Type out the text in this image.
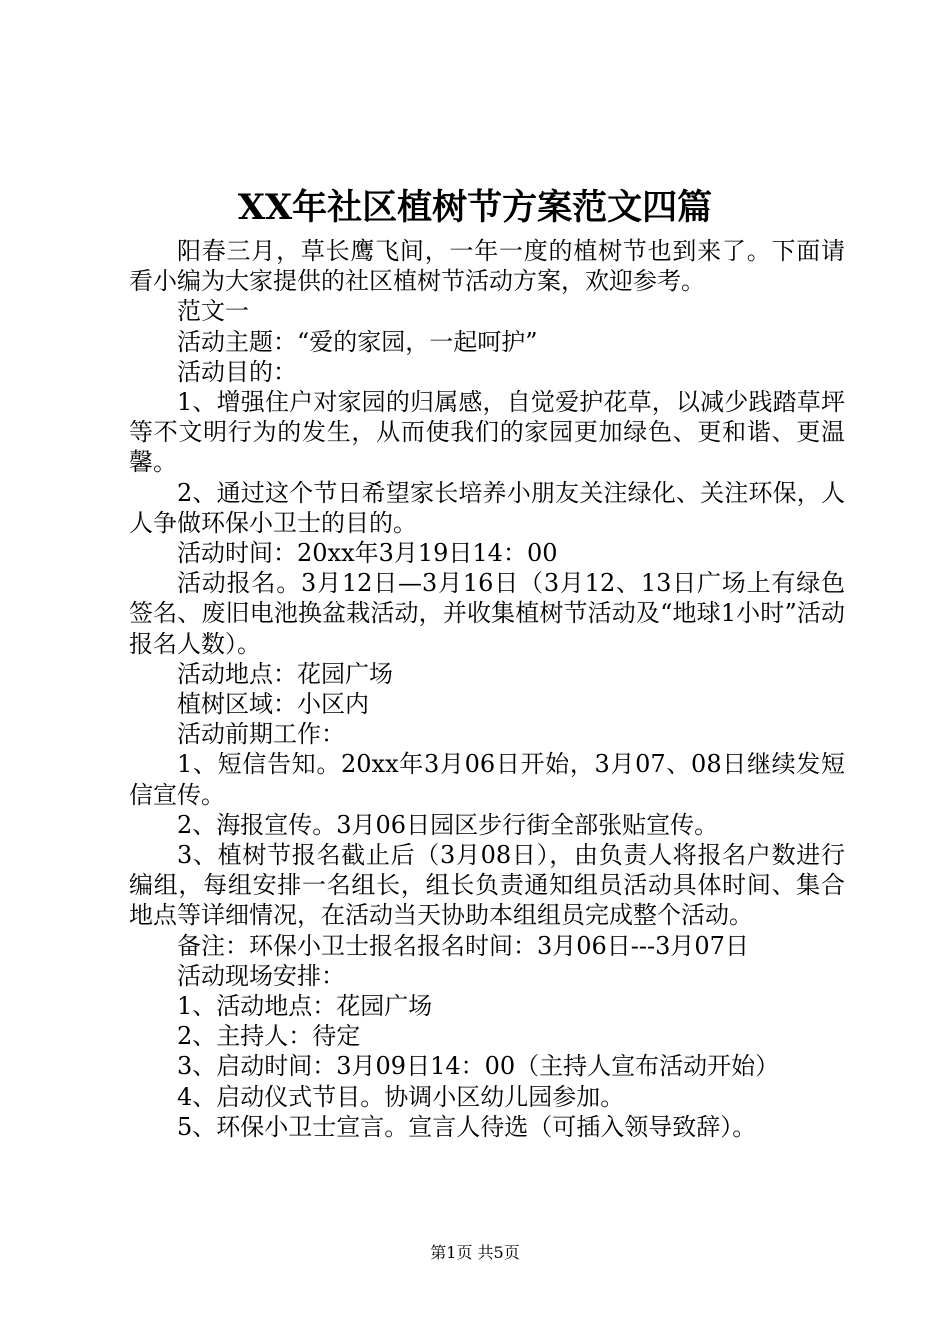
XX年社区植树节方案范文四篇

阳春三月，草长鹰飞间，一年一度的植树节也到来了。下面请看小编为大家提供的社区植树节活动方案，欢迎参考。

范文一

活动主题：“爱的家园，一起呵护”

活动目的：

1、增强住户对家园的归属感，自觉爱护花草，以减少践踏草坪等不文明行为的发生，从而使我们的家园更加绿色、更和谐、更温馨。

2、通过这个节日希望家长培养小朋友关注绿化、关注环保，人人争做环保小卫士的目的。

活动时间：20xx年3月19日14：00

活动报名。3月12日—3月16日（3月12、13日广场上有绿色签名、废旧电池换盆栽活动，并收集植树节活动及“地球1小时”活动报名人数）。

活动地点：花园广场

植树区域：小区内

活动前期工作：

1、短信告知。20xx年3月06日开始，3月07、08日继续发短信宣传。

2、海报宣传。3月06日园区步行街全部张贴宣传。

3、植树节报名截止后（3月08日），由负责人将报名户数进行编组，每组安排一名组长，组长负责通知组员活动具体时间、集合地点等详细情况，在活动当天协助本组组员完成整个活动。

备注：环保小卫士报名报名时间：3月06日---3月07日

活动现场安排：

1、活动地点：花园广场

2、主持人：待定

3、启动时间：3月09日14：00（主持人宣布活动开始）

4、启动仪式节目。协调小区幼儿园参加。

5、环保小卫士宣言。宣言人待选（可插入领导致辞）。

第1页 共5页
